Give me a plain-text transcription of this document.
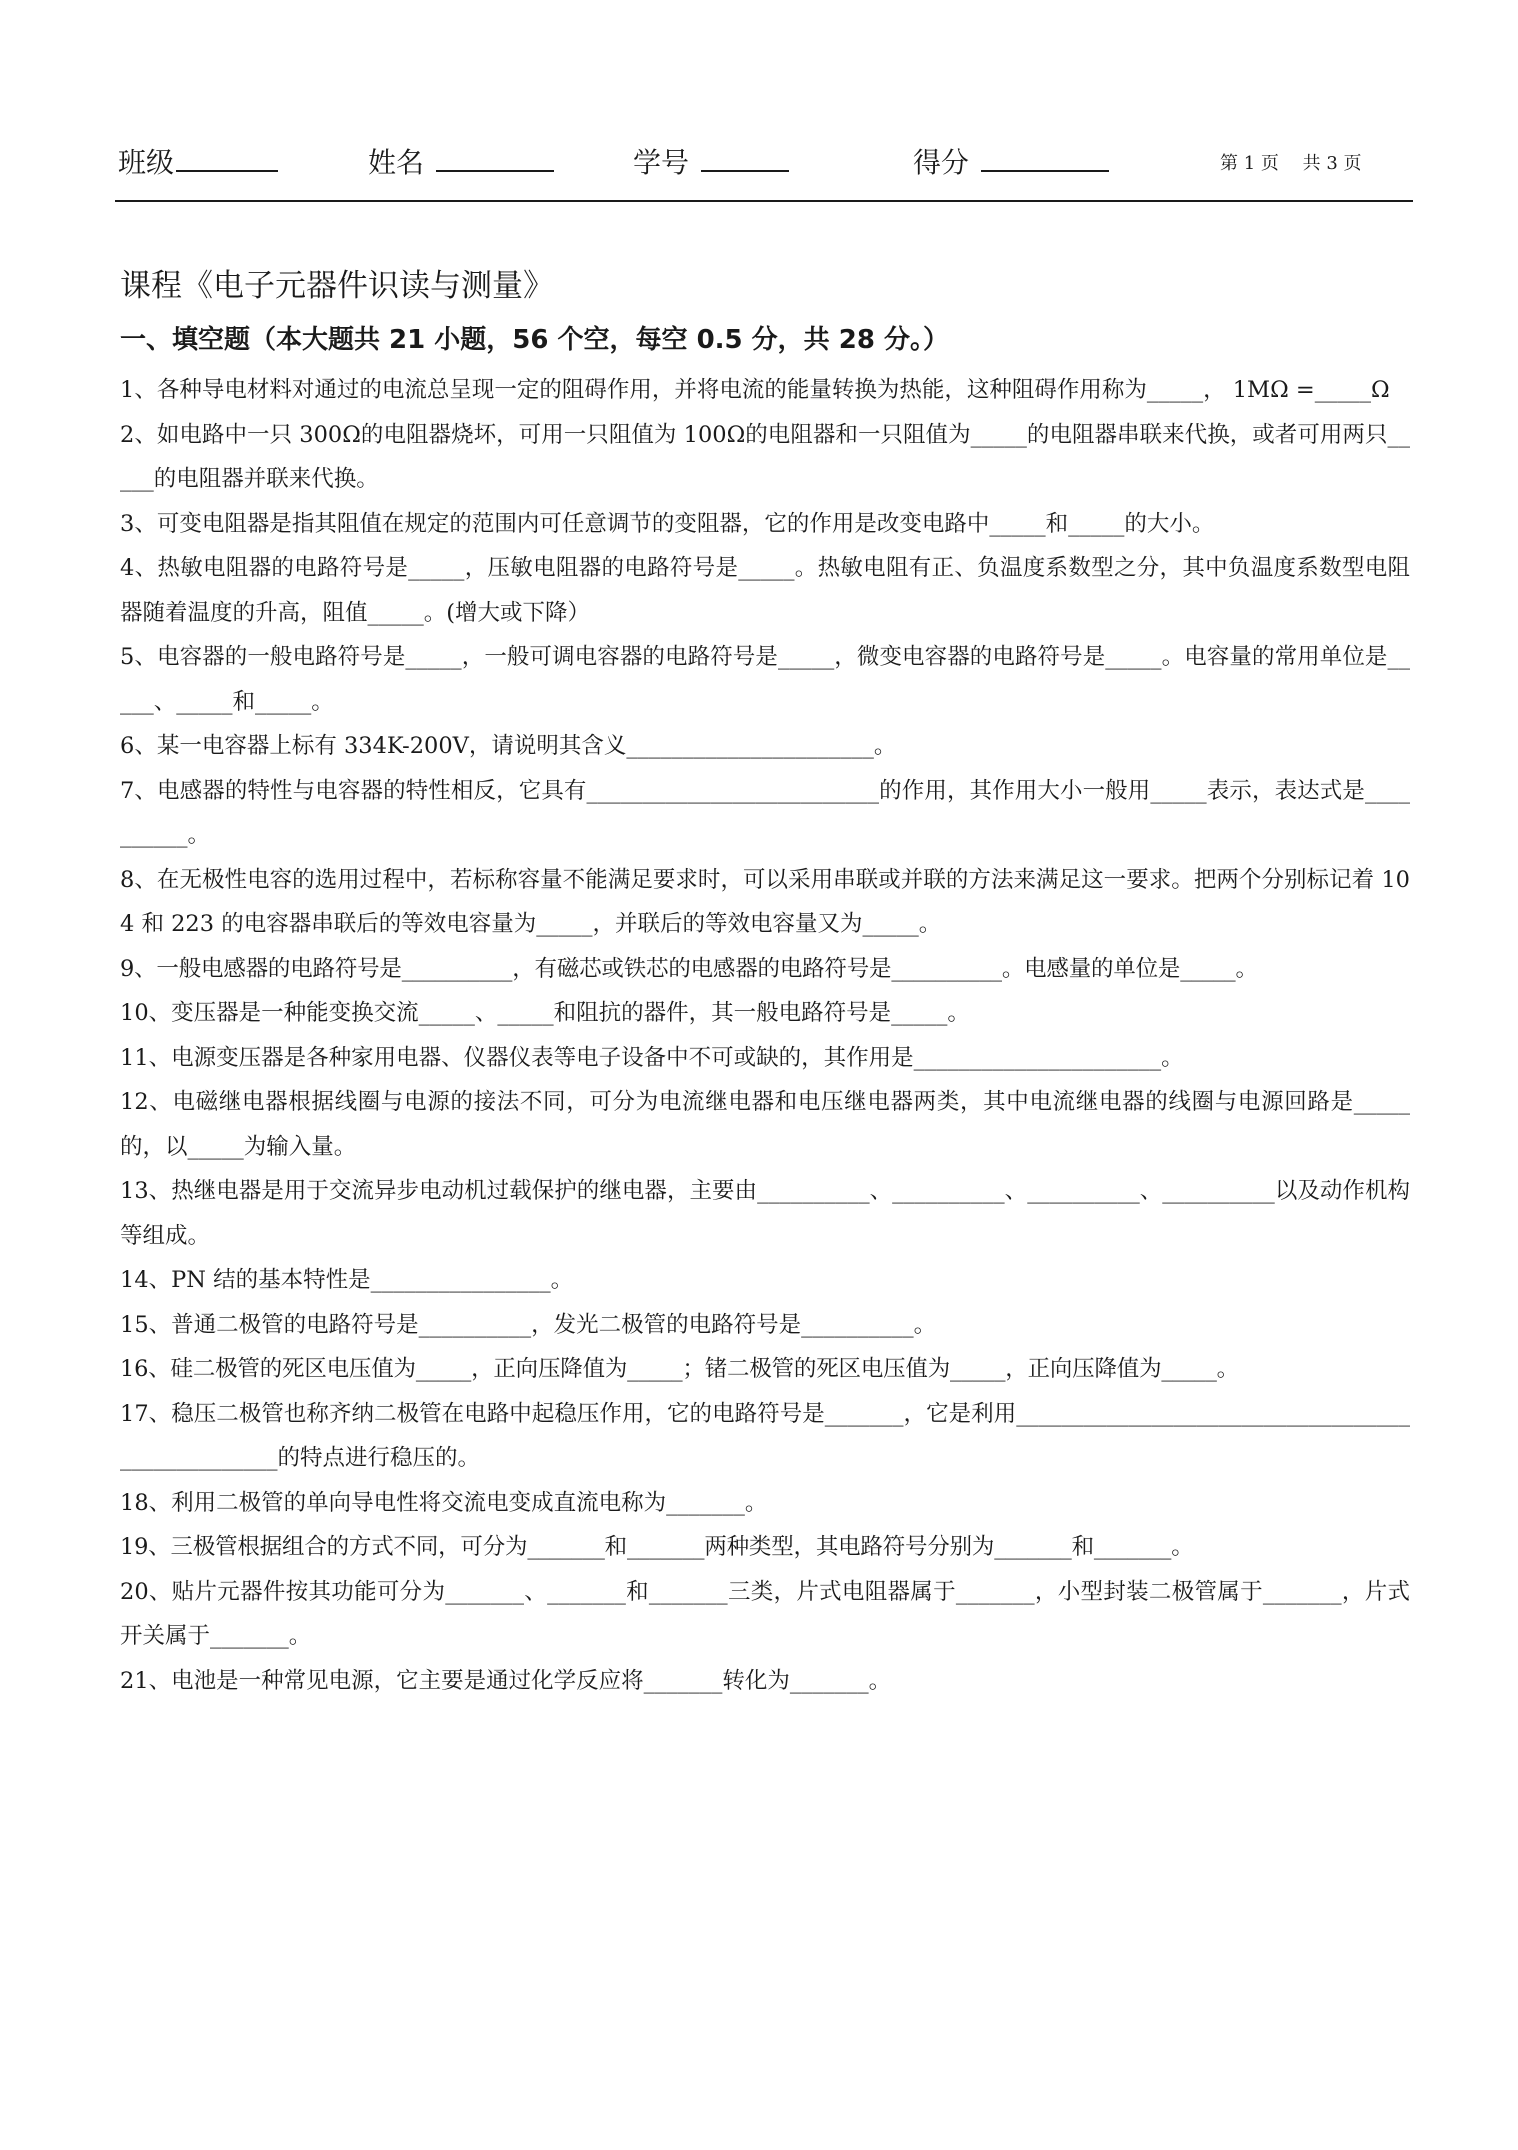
班级	姓名	学号	得分	第 1 页　 共 3 页
课程《电子元器件识读与测量》
一、填空题（本大题共 21 小题，56 个空，每空 0.5 分，共 28 分。）
1、各种导电材料对通过的电流总呈现一定的阻碍作用，并将电流的能量转换为热能，这种阻碍作用称为_____， 1MΩ =_____Ω
2、如电路中一只 300Ω的电阻器烧坏，可用一只阻值为 100Ω的电阻器和一只阻值为_____的电阻器串联来代换，或者可用两只_____的电阻器并联来代换。
3、可变电阻器是指其阻值在规定的范围内可任意调节的变阻器，它的作用是改变电路中_____和_____的大小。
4、热敏电阻器的电路符号是_____，压敏电阻器的电路符号是_____。热敏电阻有正、负温度系数型之分，其中负温度系数型电阻器随着温度的升高，阻值_____。(增大或下降）
5、电容器的一般电路符号是_____，一般可调电容器的电路符号是_____，微变电容器的电路符号是_____。电容量的常用单位是_____、_____和_____。
6、某一电容器上标有 334K-200V，请说明其含义______________________。
7、电感器的特性与电容器的特性相反，它具有__________________________的作用，其作用大小一般用_____表示，表达式是__________。
8、在无极性电容的选用过程中，若标称容量不能满足要求时，可以采用串联或并联的方法来满足这一要求。把两个分别标记着 104 和 223 的电容器串联后的等效电容量为_____，并联后的等效电容量又为_____。
9、一般电感器的电路符号是__________，有磁芯或铁芯的电感器的电路符号是__________。电感量的单位是_____。
10、变压器是一种能变换交流_____、_____和阻抗的器件，其一般电路符号是_____。
11、电源变压器是各种家用电器、仪器仪表等电子设备中不可或缺的，其作用是______________________。
12、电磁继电器根据线圈与电源的接法不同，可分为电流继电器和电压继电器两类，其中电流继电器的线圈与电源回路是_____的，以_____为输入量。
13、热继电器是用于交流异步电动机过载保护的继电器，主要由__________、__________、__________、__________以及动作机构等组成。
14、PN 结的基本特性是________________。
15、普通二极管的电路符号是__________，发光二极管的电路符号是__________。
16、硅二极管的死区电压值为_____，正向压降值为_____；锗二极管的死区电压值为_____，正向压降值为_____。
17、稳压二极管也称齐纳二极管在电路中起稳压作用，它的电路符号是_______，它是利用_________________________________________________的特点进行稳压的。
18、利用二极管的单向导电性将交流电变成直流电称为_______。
19、三极管根据组合的方式不同，可分为_______和_______两种类型，其电路符号分别为_______和_______。
20、贴片元器件按其功能可分为_______、_______和_______三类，片式电阻器属于_______，小型封装二极管属于_______，片式开关属于_______。
21、电池是一种常见电源，它主要是通过化学反应将_______转化为_______。
